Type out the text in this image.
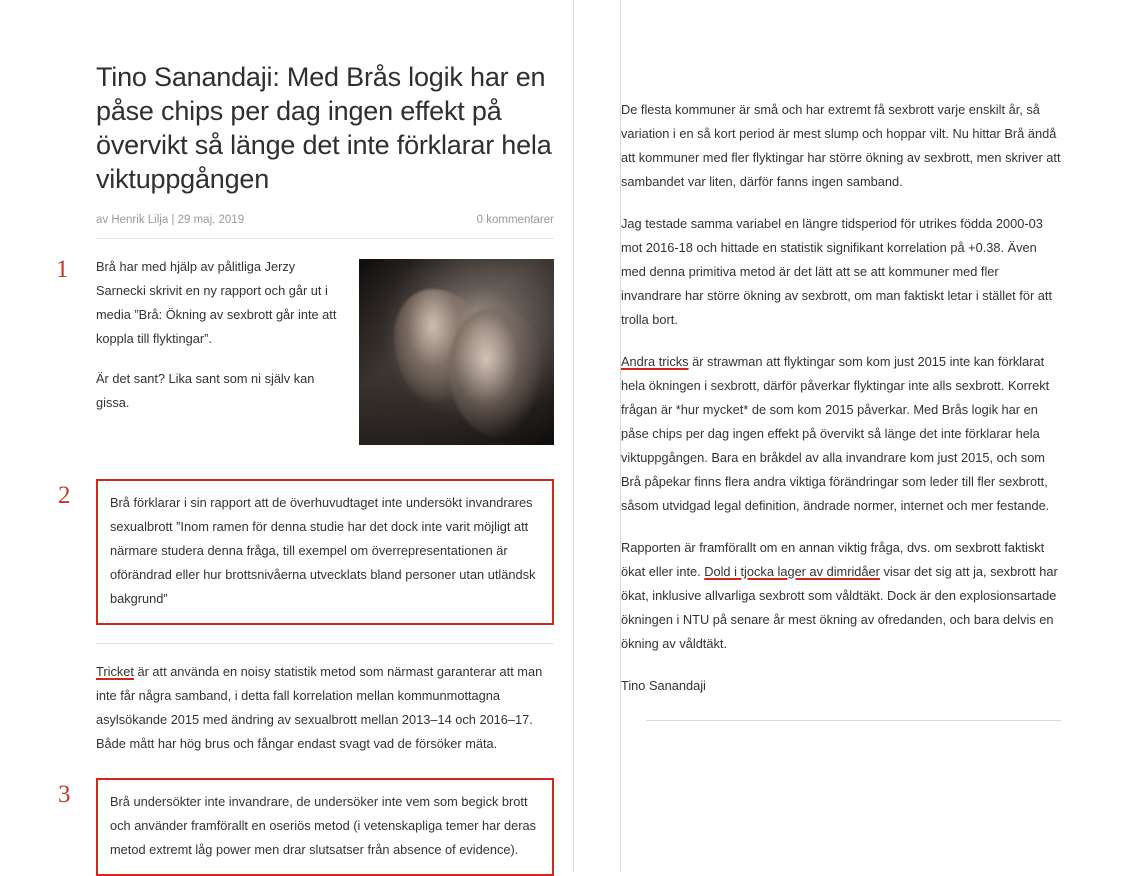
Tino Sanandaji: Med Brås logik har en påse chips per dag ingen effekt på övervikt så länge det inte förklarar hela viktuppgången
av Henrik Lilja | 29 maj, 2019	0 kommentarer
1 Brå har med hjälp av pålitliga Jerzy Sarnecki skrivit en ny rapport och går ut i media ”Brå: Ökning av sexbrott går inte att koppla till flyktingar”.

Är det sant? Lika sant som ni själv kan gissa.

2	Brå förklarar i sin rapport att de överhuvudtaget inte undersökt invandrares sexualbrott ”Inom ramen för denna studie har det dock inte varit möjligt att närmare studera denna fråga, till exempel om överrepresentationen är oförändrad eller hur brottsnivåerna utvecklats bland personer utan utländsk bakgrund”

Tricket är att använda en noisy statistik metod som närmast garanterar att man inte får några samband, i detta fall korrelation mellan kommunmottagna asylsökande 2015 med ändring av sexualbrott mellan 2013–14 och 2016–17. Både mått har hög brus och fångar endast svagt vad de försöker mäta.

3	Brå undersökter inte invandrare, de undersöker inte vem som begick brott och använder framförallt en oseriös metod (i vetenskapliga temer har deras metod extremt låg power men drar slutsatser från absence of evidence).

De flesta kommuner är små och har extremt få sexbrott varje enskilt år, så variation i en så kort period är mest slump och hoppar vilt. Nu hittar Brå ändå att kommuner med fler flyktingar har större ökning av sexbrott, men skriver att sambandet var liten, därför fanns ingen samband.

Jag testade samma variabel en längre tidsperiod för utrikes födda 2000-03 mot 2016-18 och hittade en statistik signifikant korrelation på +0.38. Även med denna primitiva metod är det lätt att se att kommuner med fler invandrare har större ökning av sexbrott, om man faktiskt letar i stället för att trolla bort.

Andra tricks är strawman att flyktingar som kom just 2015 inte kan förklarat hela ökningen i sexbrott, därför påverkar flyktingar inte alls sexbrott. Korrekt frågan är *hur mycket* de som kom 2015 påverkar. Med Brås logik har en påse chips per dag ingen effekt på övervikt så länge det inte förklarar hela viktuppgången. Bara en bråkdel av alla invandrare kom just 2015, och som Brå påpekar finns flera andra viktiga förändringar som leder till fler sexbrott, såsom utvidgad legal definition, ändrade normer, internet och mer festande.

Rapporten är framförallt om en annan viktig fråga, dvs. om sexbrott faktiskt ökat eller inte. Dold i tjocka lager av dimridåer visar det sig att ja, sexbrott har ökat, inklusive allvarliga sexbrott som våldtäkt. Dock är den explosionsartade ökningen i NTU på senare år mest ökning av ofredanden, och bara delvis en ökning av våldtäkt.

Tino Sanandaji
